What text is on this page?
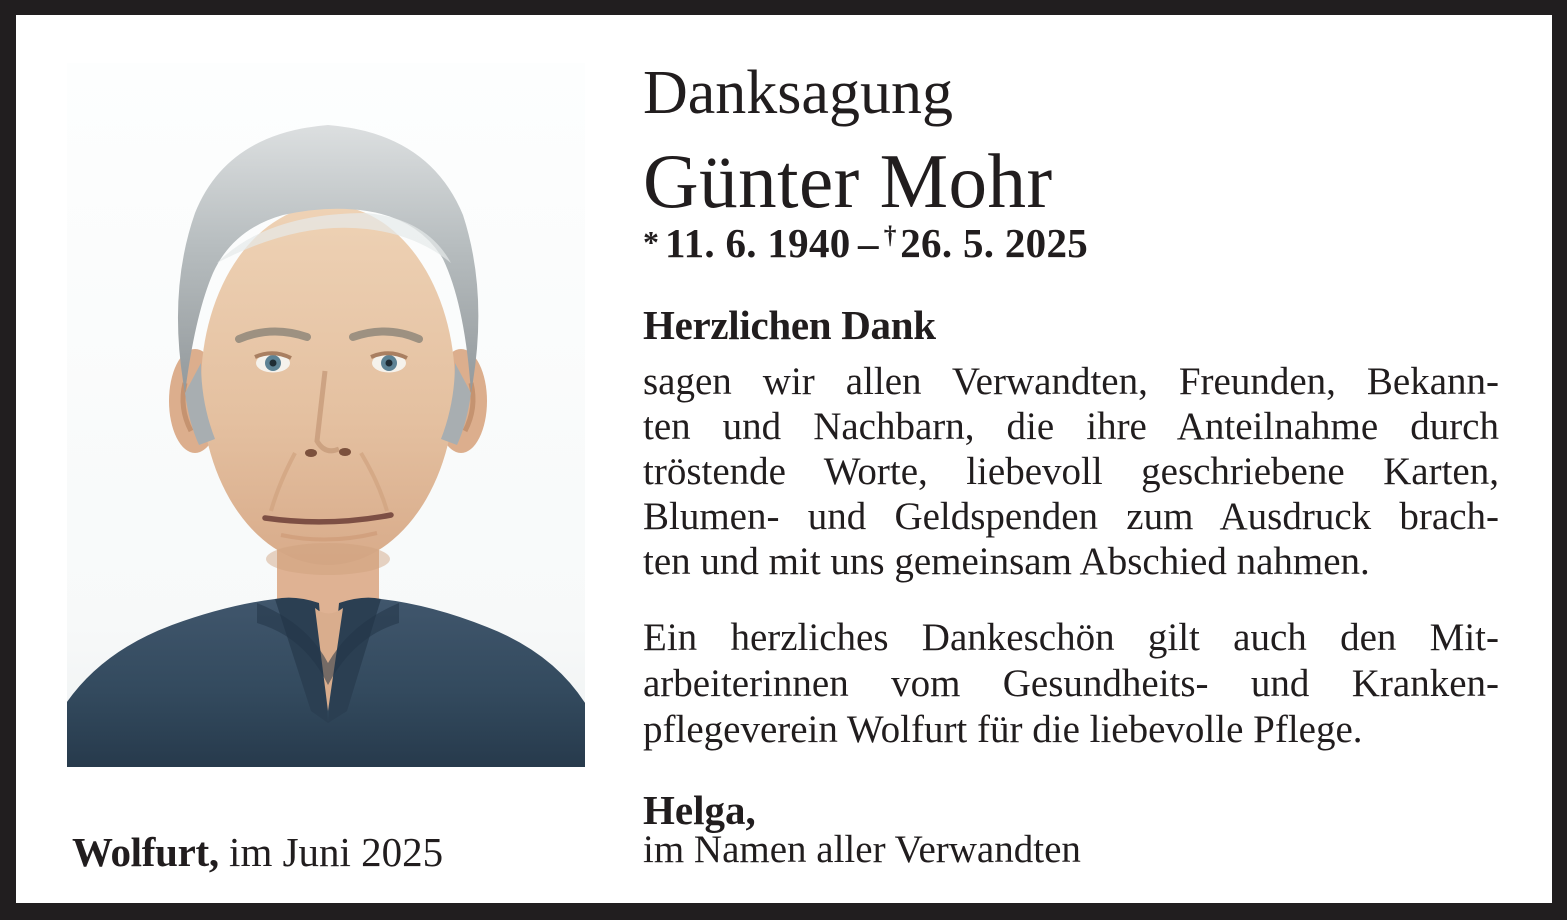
Danksagung
Günter Mohr
* 11. 6. 1940 – †26. 5. 2025
Herzlichen Dank
sagen wir allen Verwandten, Freunden, Bekann-
ten und Nachbarn, die ihre Anteilnahme durch
tröstende Worte, liebevoll geschriebene Karten,
Blumen- und Geldspenden zum Ausdruck brach-
ten und mit uns gemeinsam Abschied nahmen.
Ein herzliches Dankeschön gilt auch den Mit-
arbeiterinnen vom Gesundheits- und Kranken-
pflegeverein Wolfurt für die liebevolle Pflege.
Helga,
im Namen aller Verwandten
Wolfurt, im Juni 2025
